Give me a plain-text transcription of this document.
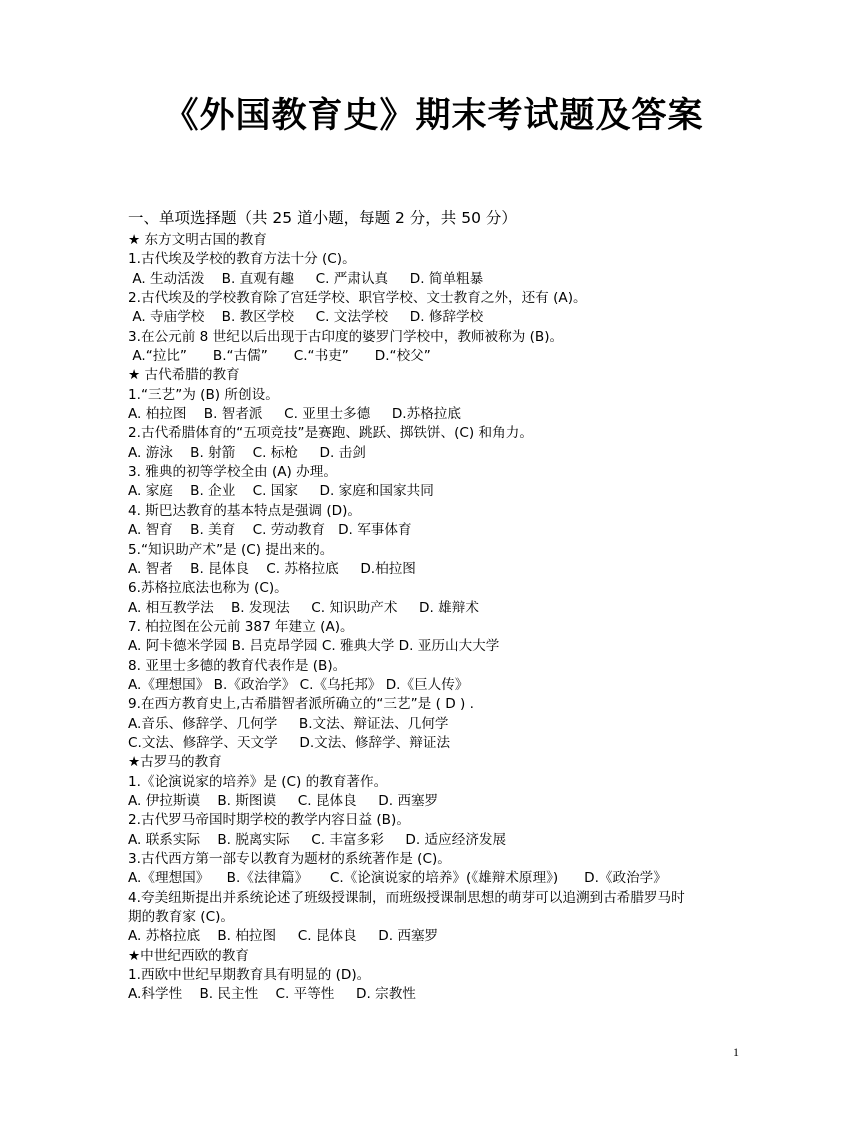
《外国教育史》期末考试题及答案
一、单项选择题（共 25 道小题，每题 2 分，共 50 分）
★ 东方文明古国的教育
1.古代埃及学校的教育方法十分 (C)。
A. 生动活泼    B. 直观有趣     C. 严肃认真     D. 简单粗暴
2.古代埃及的学校教育除了宫廷学校、职官学校、文士教育之外，还有 (A)。
A. 寺庙学校    B. 教区学校     C. 文法学校     D. 修辞学校
3.在公元前 8 世纪以后出现于古印度的婆罗门学校中，教师被称为 (B)。
A.“拉比”      B.“古儒”      C.“书吏”      D.“校父”
★ 古代希腊的教育
1.“三艺”为 (B) 所创设。
A. 柏拉图    B. 智者派     C. 亚里士多德     D.苏格拉底
2.古代希腊体育的“五项竞技”是赛跑、跳跃、掷铁饼、(C) 和角力。
A. 游泳    B. 射箭    C. 标枪     D. 击剑
3. 雅典的初等学校全由 (A) 办理。
A. 家庭    B. 企业    C. 国家     D. 家庭和国家共同
4. 斯巴达教育的基本特点是强调 (D)。
A. 智育    B. 美育    C. 劳动教育   D. 军事体育
5.“知识助产术”是 (C) 提出来的。
A. 智者    B. 昆体良    C. 苏格拉底     D.柏拉图
6.苏格拉底法也称为 (C)。
A. 相互教学法    B. 发现法     C. 知识助产术     D. 雄辩术
7. 柏拉图在公元前 387 年建立 (A)。
A. 阿卡德米学园 B. 吕克昂学园 C. 雅典大学 D. 亚历山大大学
8. 亚里士多德的教育代表作是 (B)。
A.《理想国》 B.《政治学》 C.《乌托邦》 D.《巨人传》
9.在西方教育史上,古希腊智者派所确立的“三艺”是 ( D ) .
A.音乐、修辞学、几何学     B.文法、辩证法、几何学
C.文法、修辞学、天文学     D.文法、修辞学、辩证法
★古罗马的教育
1.《论演说家的培养》是 (C) 的教育著作。
A. 伊拉斯谟    B. 斯图谟     C. 昆体良     D. 西塞罗
2.古代罗马帝国时期学校的教学内容日益 (B)。
A. 联系实际    B. 脱离实际     C. 丰富多彩     D. 适应经济发展
3.古代西方第一部专以教育为题材的系统著作是 (C)。
A.《理想国》    B.《法律篇》     C.《论演说家的培养》(《雄辩术原理》)      D.《政治学》
4.夸美纽斯提出并系统论述了班级授课制，而班级授课制思想的萌芽可以追溯到古希腊罗马时
期的教育家 (C)。
A. 苏格拉底    B. 柏拉图     C. 昆体良     D. 西塞罗
★中世纪西欧的教育
1.西欧中世纪早期教育具有明显的 (D)。
A.科学性    B. 民主性    C. 平等性     D. 宗教性
1
